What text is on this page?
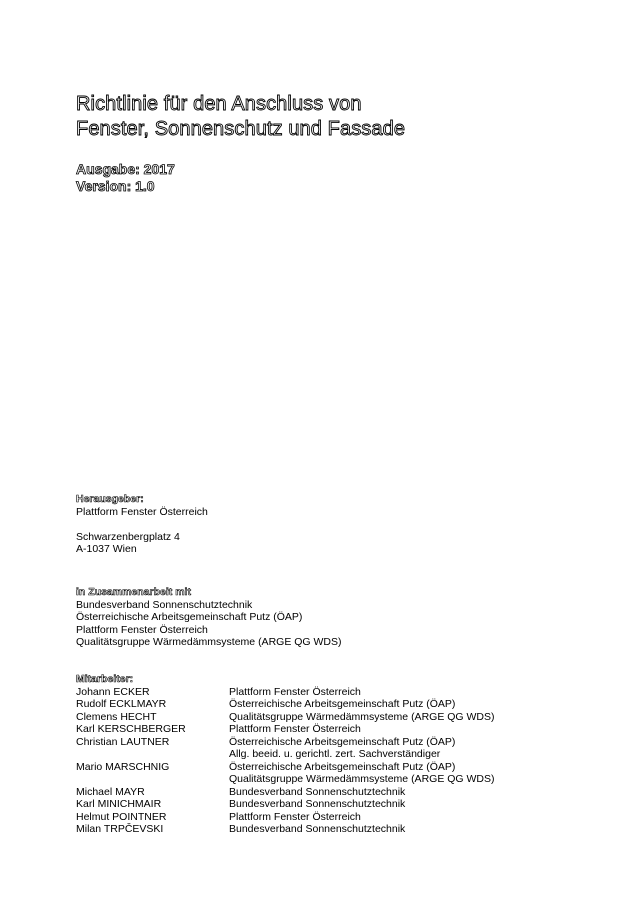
Richtlinie für den Anschluss von
Fenster, Sonnenschutz und Fassade
Ausgabe: 2017
Version: 1.0
Herausgeber:
Plattform Fenster Österreich
Schwarzenbergplatz 4
A-1037 Wien
in Zusammenarbeit mit
Bundesverband Sonnenschutztechnik
Österreichische Arbeitsgemeinschaft Putz (ÖAP)
Plattform Fenster Österreich
Qualitätsgruppe Wärmedämmsysteme (ARGE QG WDS)
Mitarbeiter:
Johann ECKER	Plattform Fenster Österreich
Rudolf ECKLMAYR	Österreichische Arbeitsgemeinschaft Putz (ÖAP)
Clemens HECHT	Qualitätsgruppe Wärmedämmsysteme (ARGE QG WDS)
Karl KERSCHBERGER	Plattform Fenster Österreich
Christian LAUTNER	Österreichische Arbeitsgemeinschaft Putz (ÖAP)
Allg. beeid. u. gerichtl. zert. Sachverständiger
Mario MARSCHNIG	Österreichische Arbeitsgemeinschaft Putz (ÖAP)
Qualitätsgruppe Wärmedämmsysteme (ARGE QG WDS)
Michael MAYR	Bundesverband Sonnenschutztechnik
Karl MINICHMAIR	Bundesverband Sonnenschutztechnik
Helmut POINTNER	Plattform Fenster Österreich
Milan TRPČEVSKI	Bundesverband Sonnenschutztechnik
